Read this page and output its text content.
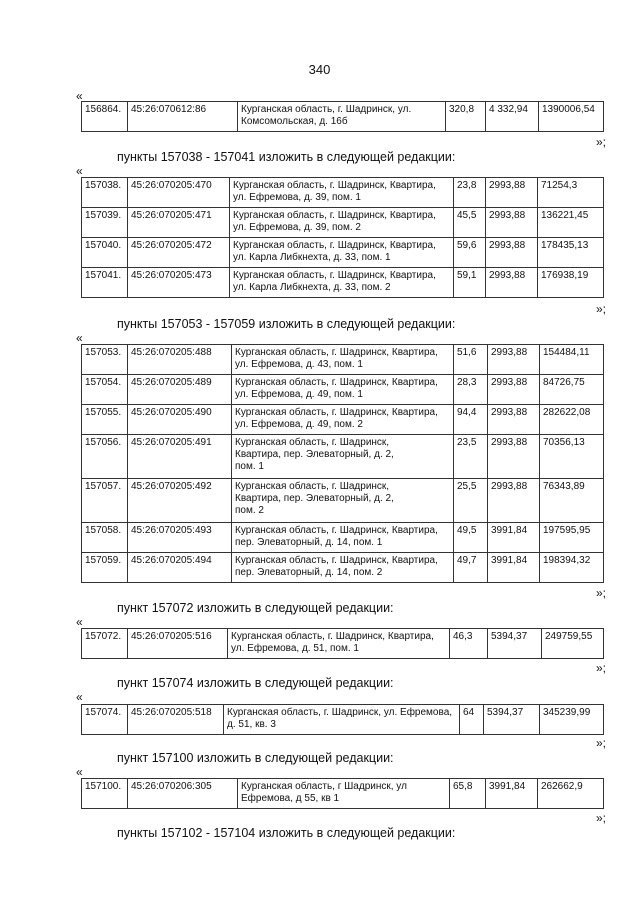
340
«
156864.	45:26:070612:86	Курганская область, г. Шадринск, ул. Комсомольская, д. 16б	320,8	4 332,94	1390006,54
»;
пункты 157038 - 157041 изложить в следующей редакции:
«
157038.	45:26:070205:470	Курганская область, г. Шадринск, Квартира, ул. Ефремова, д. 39, пом. 1	23,8	2993,88	71254,3
157039.	45:26:070205:471	Курганская область, г. Шадринск, Квартира, ул. Ефремова, д. 39, пом. 2	45,5	2993,88	136221,45
157040.	45:26:070205:472	Курганская область, г. Шадринск, Квартира, ул. Карла Либкнехта, д. 33, пом. 1	59,6	2993,88	178435,13
157041.	45:26:070205:473	Курганская область, г. Шадринск, Квартира, ул. Карла Либкнехта, д. 33, пом. 2	59,1	2993,88	176938,19
»;
пункты 157053 - 157059 изложить в следующей редакции:
«
157053.	45:26:070205:488	Курганская область, г. Шадринск, Квартира, ул. Ефремова, д. 43, пом. 1	51,6	2993,88	154484,11
157054.	45:26:070205:489	Курганская область, г. Шадринск, Квартира, ул. Ефремова, д. 49, пом. 1	28,3	2993,88	84726,75
157055.	45:26:070205:490	Курганская область, г. Шадринск, Квартира, ул. Ефремова, д. 49, пом. 2	94,4	2993,88	282622,08
157056.	45:26:070205:491	Курганская область, г. Шадринск, Квартира, пер. Элеваторный, д. 2, пом. 1	23,5	2993,88	70356,13
157057.	45:26:070205:492	Курганская область, г. Шадринск, Квартира, пер. Элеваторный, д. 2, пом. 2	25,5	2993,88	76343,89
157058.	45:26:070205:493	Курганская область, г. Шадринск, Квартира, пер. Элеваторный, д. 14, пом. 1	49,5	3991,84	197595,95
157059.	45:26:070205:494	Курганская область, г. Шадринск, Квартира, пер. Элеваторный, д. 14, пом. 2	49,7	3991,84	198394,32
»;
пункт 157072 изложить в следующей редакции:
«
157072.	45:26:070205:516	Курганская область, г. Шадринск, Квартира, ул. Ефремова, д. 51, пом. 1	46,3	5394,37	249759,55
»;
пункт 157074 изложить в следующей редакции:
«
157074.	45:26:070205:518	Курганская область, г. Шадринск, ул. Ефремова, д. 51, кв. 3	64	5394,37	345239,99
»;
пункт 157100 изложить в следующей редакции:
«
157100.	45:26:070206:305	Курганская область, г Шадринск, ул Ефремова, д 55, кв 1	65,8	3991,84	262662,9
»;
пункты 157102 - 157104 изложить в следующей редакции:
